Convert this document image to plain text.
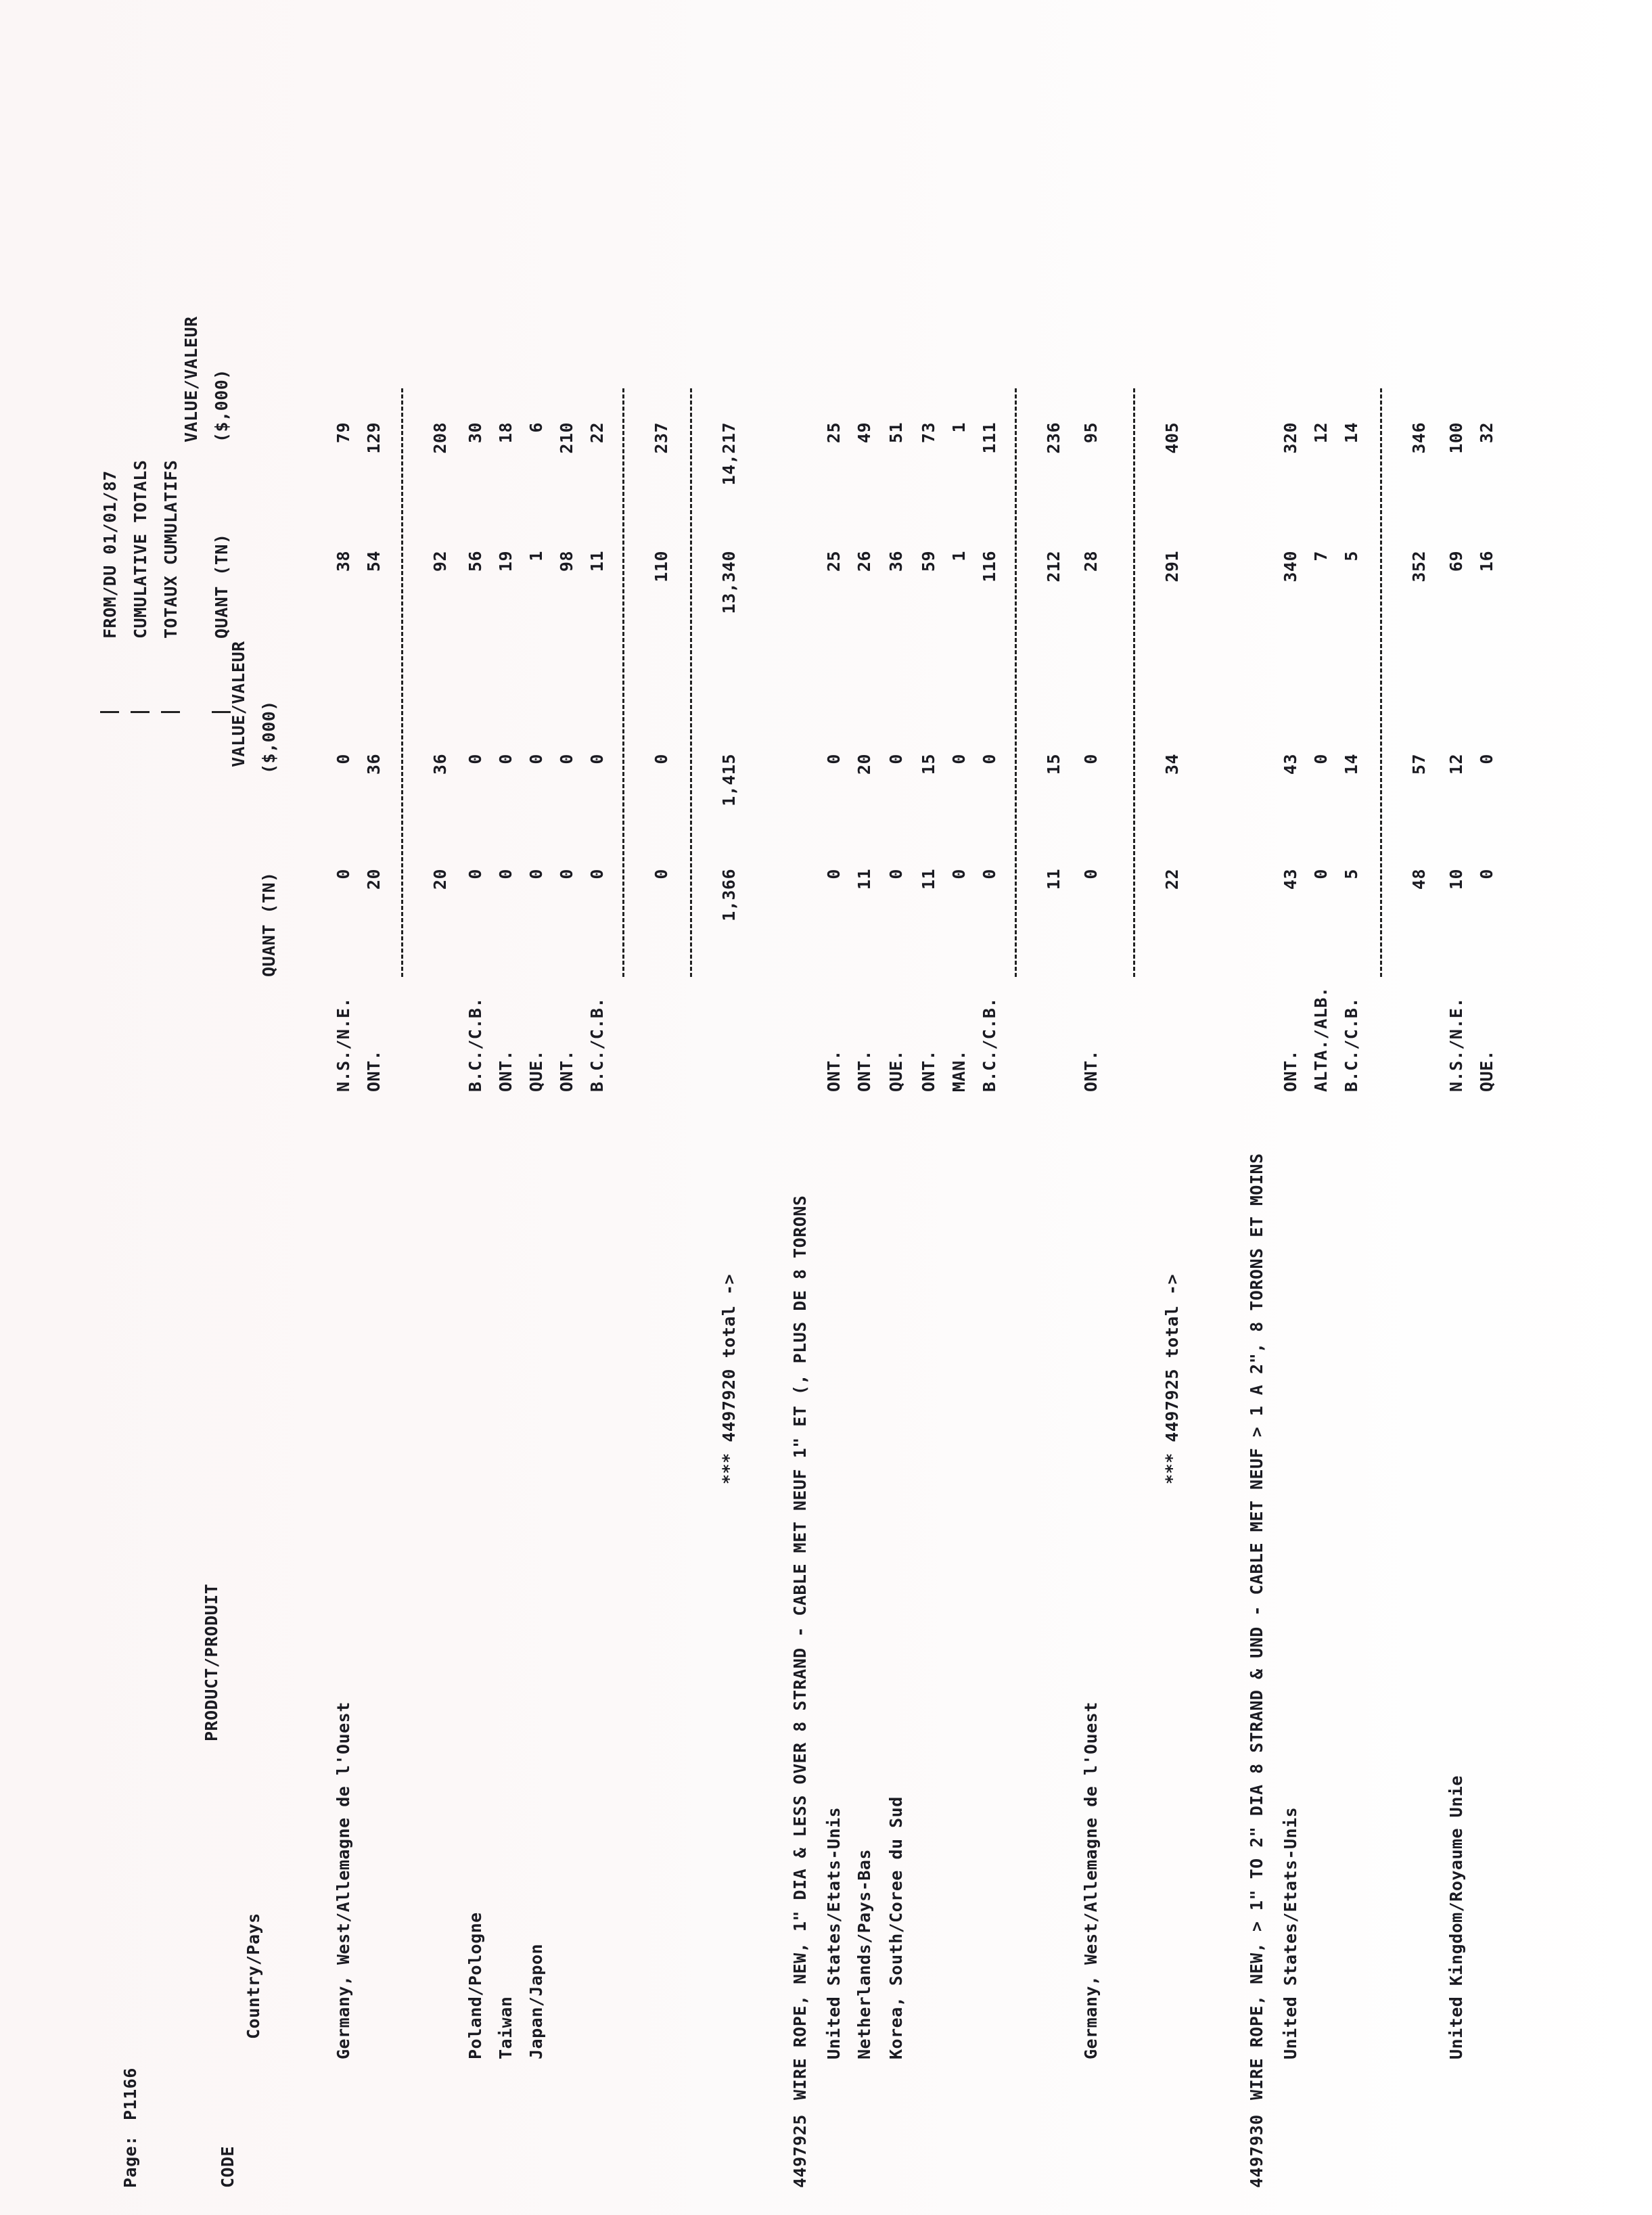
Page:
P1166
CODE
PRODUCT/PRODUIT
Country/Pays
VALUE/VALEUR
QUANT (TN)
($,000)
FROM/DU 01/01/87 CUMULATIVE TOTALS TOTAUX CUMULATIFS
VALUE/VALEUR
QUANT (TN)
($,000)
Germany, West/Allemagne de l'Ouest
N.S./N.E.
0
0
38
79
ONT.
20
36
54
129
20
36
92
208
Poland/Pologne
B.C./C.B.
0
0
56
30
Taiwan
ONT.
0
0
19
18
Japan/Japon
QUE.
0
0
1
6
ONT.
0
0
98
210
B.C./C.B.
0
0
11
22
0
0
110
237
*** 4497920 total ->
1,366
1,415
13,340
14,217
4497925
WIRE ROPE, NEW, 1" DIA & LESS OVER 8 STRAND - CABLE MET NEUF 1" ET (, PLUS DE 8 TORONS United States/Etats-Unis
ONT.
0
0
25
25
Netherlands/Pays-Bas
ONT.
11
20
26
49
Korea, South/Coree du Sud
QUE.
0
0
36
51
ONT.
11
15
59
73
MAN.
0
0
1
1
B.C./C.B.
0
0
116
111
11
15
212
236
Germany, West/Allemagne de l'Ouest
ONT.
0
0
28
95
*** 4497925 total ->
22
34
291
405
4497930
WIRE ROPE, NEW, > 1" TO 2" DIA 8 STRAND & UND - CABLE MET NEUF > 1 A 2", 8 TORONS ET MOINS United States/Etats-Unis
ONT.
43
43
340
320
ALTA./ALB.
0
0
7
12
B.C./C.B.
5
14
5
14
48
57
352
346
United Kingdom/Royaume Unie
N.S./N.E.
10
12
69
100
QUE.
0
0
16
32
